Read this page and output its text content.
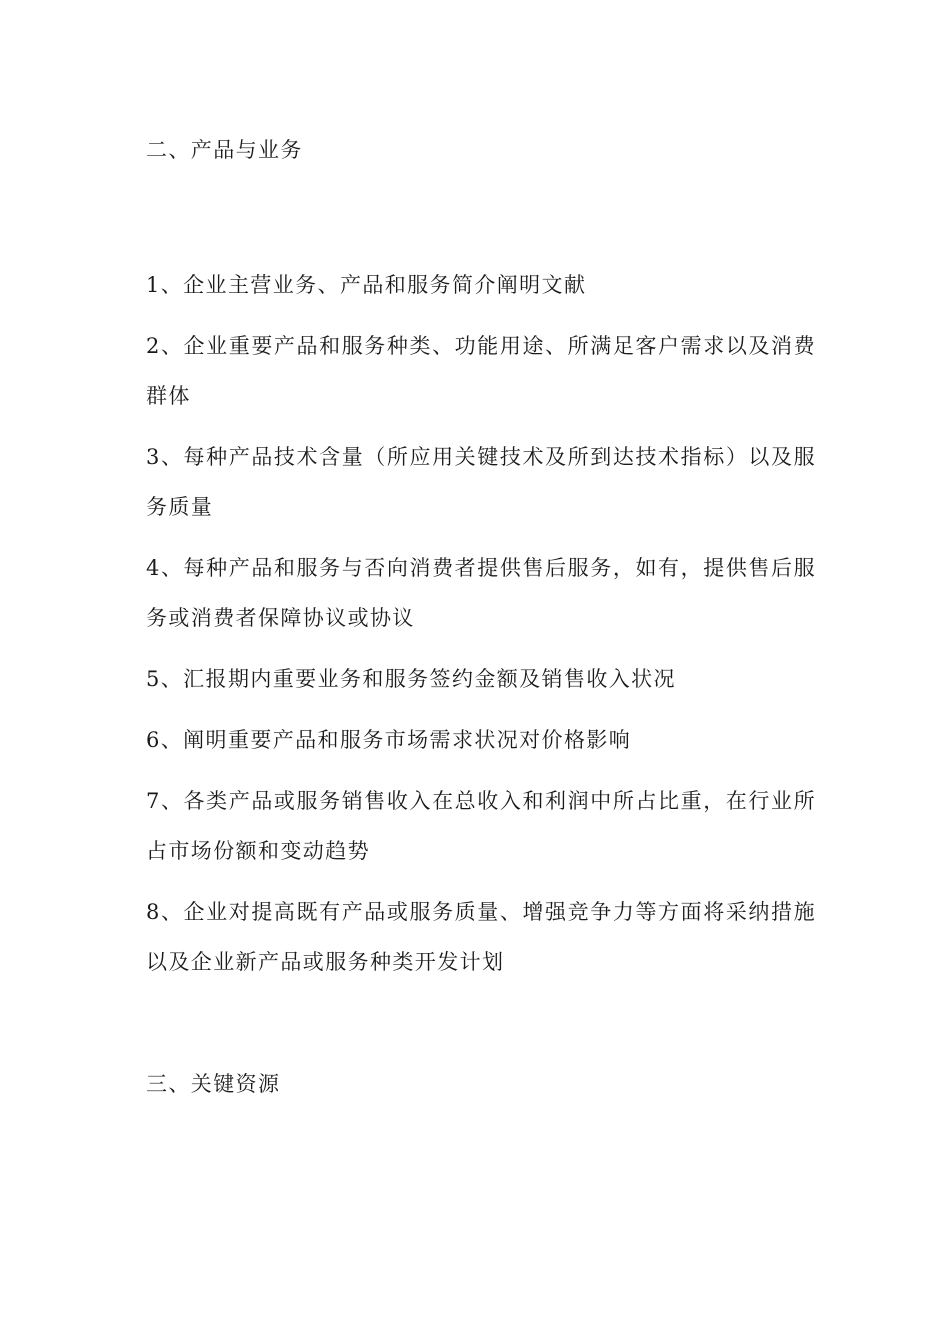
二、产品与业务
1、企业主营业务、产品和服务简介阐明文献
2、企业重要产品和服务种类、功能用途、所满足客户需求以及消费群体
3、每种产品技术含量（所应用关键技术及所到达技术指标）以及服务质量
4、每种产品和服务与否向消费者提供售后服务，如有，提供售后服务或消费者保障协议或协议
5、汇报期内重要业务和服务签约金额及销售收入状况
6、阐明重要产品和服务市场需求状况对价格影响
7、各类产品或服务销售收入在总收入和利润中所占比重，在行业所占市场份额和变动趋势
8、企业对提高既有产品或服务质量、增强竞争力等方面将采纳措施以及企业新产品或服务种类开发计划
三、关键资源
